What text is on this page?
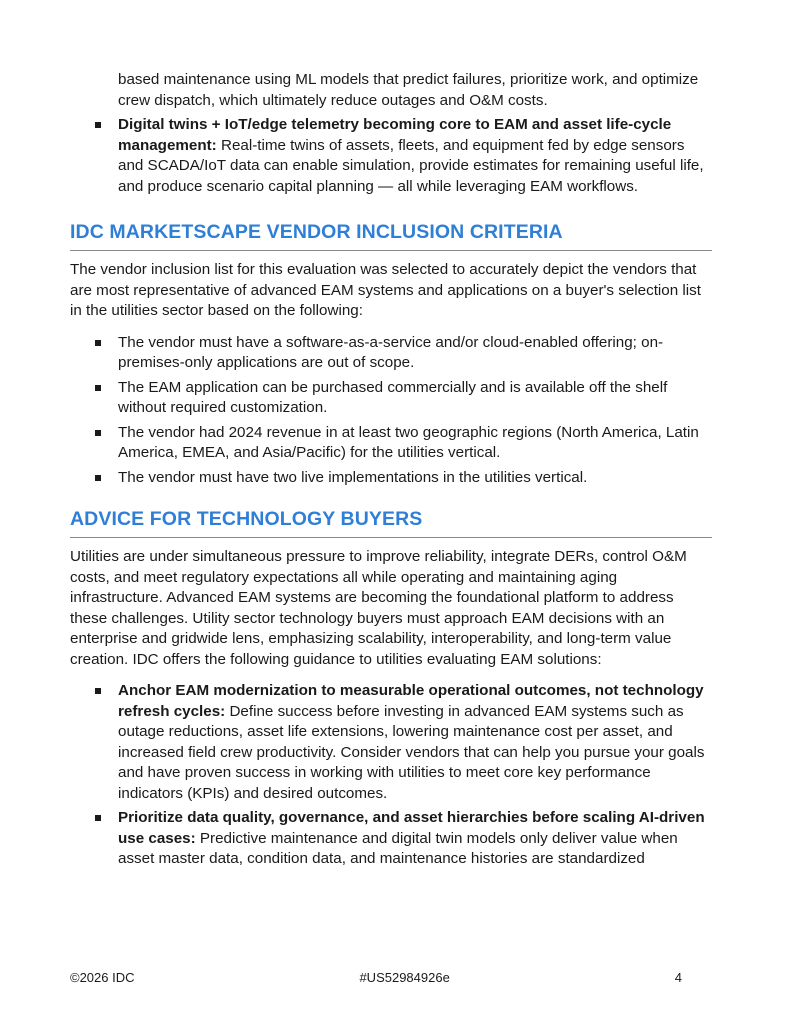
based maintenance using ML models that predict failures, prioritize work, and optimize crew dispatch, which ultimately reduce outages and O&M costs.

Digital twins + IoT/edge telemetry becoming core to EAM and asset life-cycle management: Real-time twins of assets, fleets, and equipment fed by edge sensors and SCADA/IoT data can enable simulation, provide estimates for remaining useful life, and produce scenario capital planning — all while leveraging EAM workflows.
IDC MARKETSCAPE VENDOR INCLUSION CRITERIA

The vendor inclusion list for this evaluation was selected to accurately depict the vendors that are most representative of advanced EAM systems and applications on a buyer's selection list in the utilities sector based on the following:

The vendor must have a software-as-a-service and/or cloud-enabled offering; on-premises-only applications are out of scope.
The EAM application can be purchased commercially and is available off the shelf without required customization.
The vendor had 2024 revenue in at least two geographic regions (North America, Latin America, EMEA, and Asia/Pacific) for the utilities vertical.
The vendor must have two live implementations in the utilities vertical.
ADVICE FOR TECHNOLOGY BUYERS

Utilities are under simultaneous pressure to improve reliability, integrate DERs, control O&M costs, and meet regulatory expectations all while operating and maintaining aging infrastructure. Advanced EAM systems are becoming the foundational platform to address these challenges. Utility sector technology buyers must approach EAM decisions with an enterprise and gridwide lens, emphasizing scalability, interoperability, and long-term value creation. IDC offers the following guidance to utilities evaluating EAM solutions:

Anchor EAM modernization to measurable operational outcomes, not technology refresh cycles: Define success before investing in advanced EAM systems such as outage reductions, asset life extensions, lowering maintenance cost per asset, and increased field crew productivity. Consider vendors that can help you pursue your goals and have proven success in working with utilities to meet core key performance indicators (KPIs) and desired outcomes.
Prioritize data quality, governance, and asset hierarchies before scaling AI-driven use cases: Predictive maintenance and digital twin models only deliver value when asset master data, condition data, and maintenance histories are standardized
©2026 IDC	#US52984926e	4
